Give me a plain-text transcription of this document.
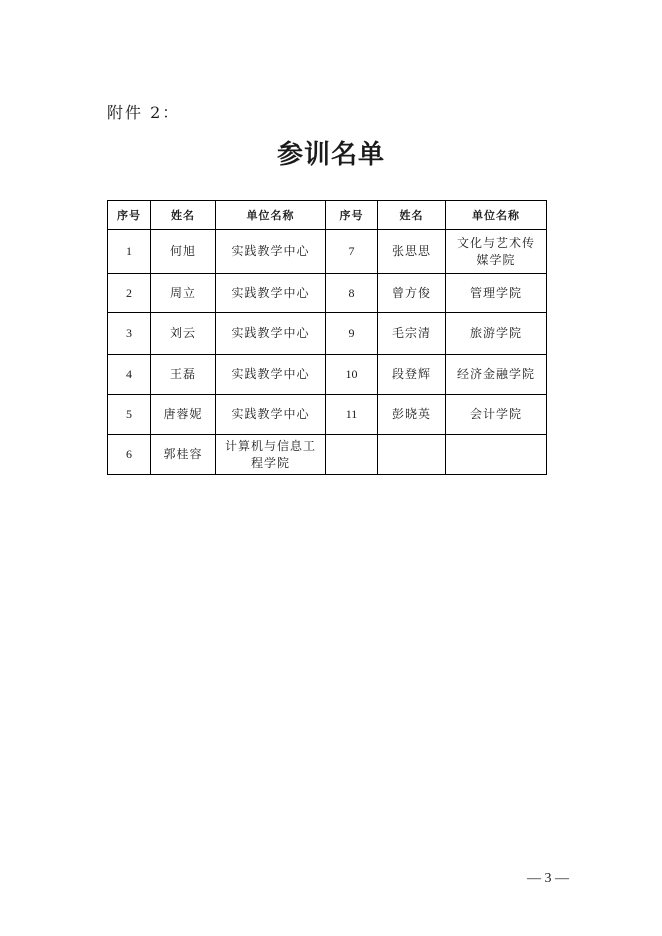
附件 2：
参训名单
序号	姓名	单位名称	序号	姓名	单位名称
1	何旭	实践教学中心	7	张思思	文化与艺术传媒学院
2	周立	实践教学中心	8	曾方俊	管理学院
3	刘云	实践教学中心	9	毛宗清	旅游学院
4	王磊	实践教学中心	10	段登辉	经济金融学院
5	唐蓉妮	实践教学中心	11	彭晓英	会计学院
6	郭桂容	计算机与信息工程学院			
— 3 —
